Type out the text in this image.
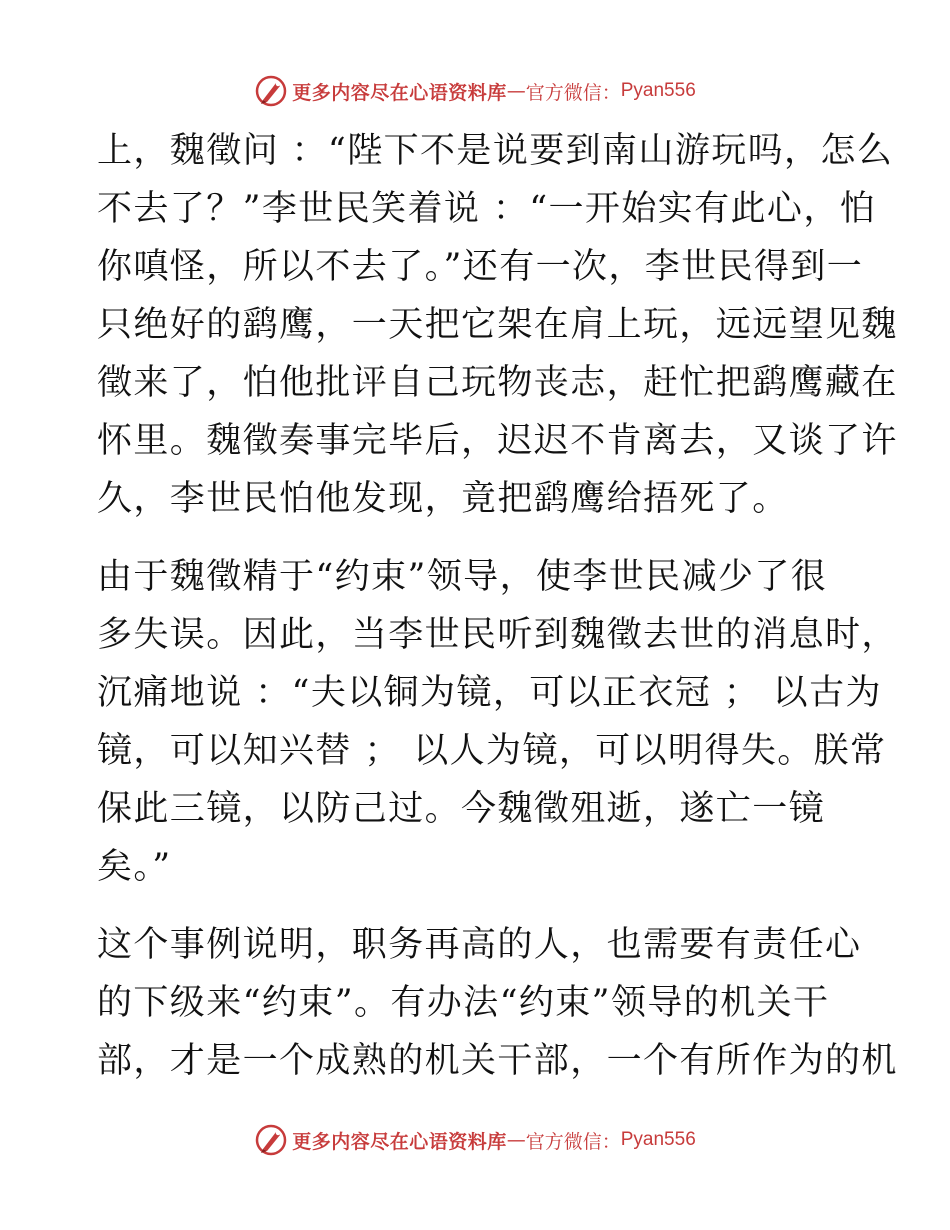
更多内容尽在心语资料库 — 官方微信： Pyan556
上，魏徵问 ：“陛下不是说要到南山游玩吗，怎么
不去了？”李世民笑着说 ：“一开始实有此心，怕
你嗔怪，所以不去了。”还有一次，李世民得到一
只绝好的鹞鹰，一天把它架在肩上玩，远远望见魏
徵来了，怕他批评自己玩物丧志，赶忙把鹞鹰藏在
怀里。魏徵奏事完毕后，迟迟不肯离去，又谈了许
久，李世民怕他发现，竟把鹞鹰给捂死了。
由于魏徵精于“约束”领导，使李世民减少了很
多失误。因此，当李世民听到魏徵去世的消息时，
沉痛地说 ：“夫以铜为镜，可以正衣冠 ； 以古为
镜，可以知兴替 ； 以人为镜，可以明得失。朕常
保此三镜，以防己过。今魏徵殂逝，遂亡一镜
矣。”
这个事例说明，职务再高的人，也需要有责任心
的下级来“约束”。有办法“约束”领导的机关干
部，才是一个成熟的机关干部，一个有所作为的机
更多内容尽在心语资料库 — 官方微信： Pyan556
